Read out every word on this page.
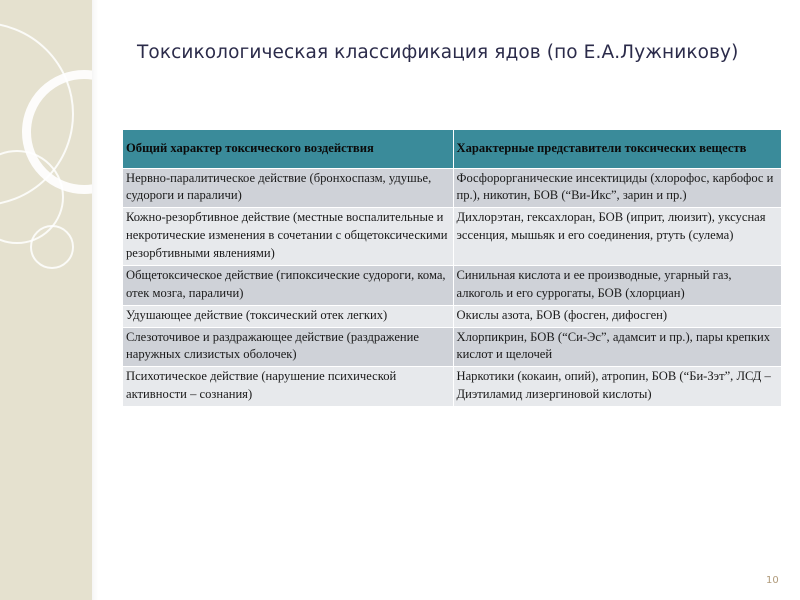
Токсикологическая классификация ядов (по Е.А.Лужникову)
Общий характер токсического воздействия	Характерные представители токсических веществ
Нервно-паралитическое действие (бронхоспазм, удушье, судороги и параличи)	Фосфорорганические инсектициды (хлорофос, карбофос и пр.), никотин, БОВ (“Ви-Икс”, зарин и пр.)
Кожно-резорбтивное действие (местные воспалительные и некротические изменения в сочетании с общетоксическими резорбтивными явлениями)	Дихлорэтан, гексахлоран, БОВ (иприт, люизит), уксусная эссенция, мышьяк и его соединения, ртуть (сулема)
Общетоксическое действие (гипоксические судороги, кома, отек мозга, параличи)	Синильная кислота и ее производные, угарный газ, алкоголь и его суррогаты, БОВ (хлорциан)
Удушающее действие (токсический отек легких)	Окислы азота, БОВ (фосген, дифосген)
Слезоточивое и раздражающее действие (раздражение наружных слизистых оболочек)	Хлорпикрин, БОВ (“Си-Эс”, адамсит и пр.), пары крепких кислот и щелочей
Психотическое действие (нарушение психической активности – сознания)	Наркотики (кокаин, опий), атропин, БОВ (“Би-Зэт”, ЛСД – Диэтиламид лизергиновой кислоты)
10
